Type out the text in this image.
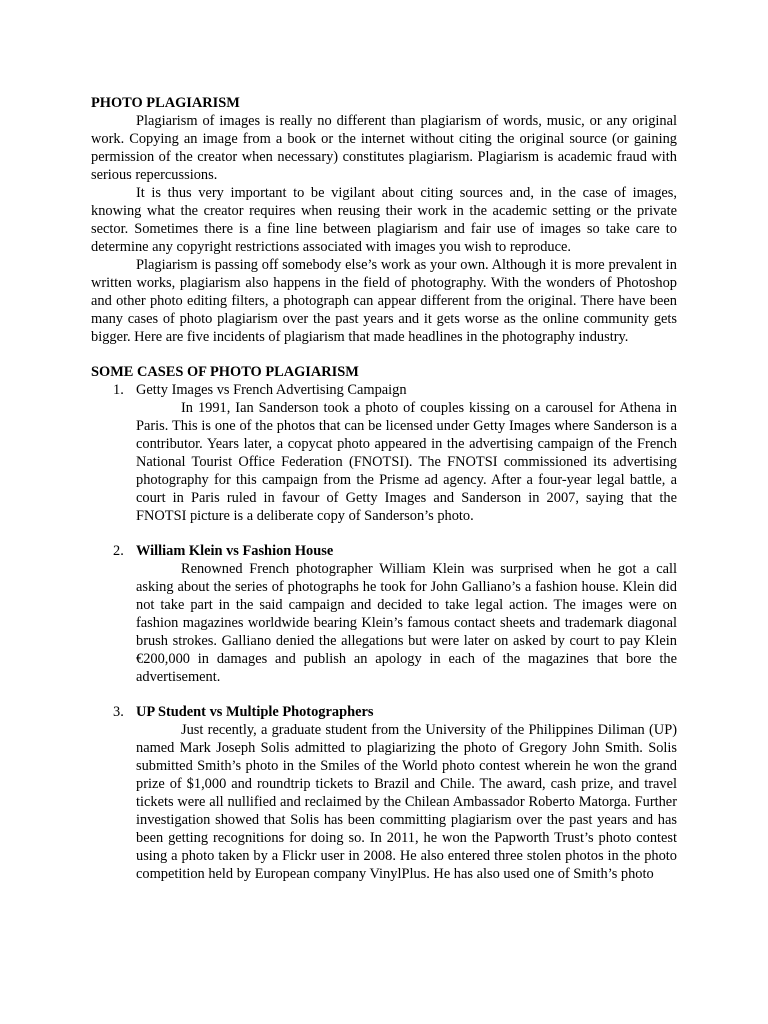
PHOTO PLAGIARISM

Plagiarism of images is really no different than plagiarism of words, music, or any original work. Copying an image from a book or the internet without citing the original source (or gaining permission of the creator when necessary) constitutes plagiarism. Plagiarism is academic fraud with serious repercussions.

It is thus very important to be vigilant about citing sources and, in the case of images, knowing what the creator requires when reusing their work in the academic setting or the private sector. Sometimes there is a fine line between plagiarism and fair use of images so take care to determine any copyright restrictions associated with images you wish to reproduce.

Plagiarism is passing off somebody else’s work as your own. Although it is more prevalent in written works, plagiarism also happens in the field of photography. With the wonders of Photoshop and other photo editing filters, a photograph can appear different from the original. There have been many cases of photo plagiarism over the past years and it gets worse as the online community gets bigger. Here are five incidents of plagiarism that made headlines in the photography industry.

SOME CASES OF PHOTO PLAGIARISM
1. Getty Images vs French Advertising Campaign

In 1991, Ian Sanderson took a photo of couples kissing on a carousel for Athena in Paris. This is one of the photos that can be licensed under Getty Images where Sanderson is a contributor. Years later, a copycat photo appeared in the advertising campaign of the French National Tourist Office Federation (FNOTSI). The FNOTSI commissioned its advertising photography for this campaign from the Prisme ad agency. After a four-year legal battle, a court in Paris ruled in favour of Getty Images and Sanderson in 2007, saying that the FNOTSI picture is a deliberate copy of Sanderson’s photo.

2. William Klein vs Fashion House

Renowned French photographer William Klein was surprised when he got a call asking about the series of photographs he took for John Galliano’s a fashion house. Klein did not take part in the said campaign and decided to take legal action. The images were on fashion magazines worldwide bearing Klein’s famous contact sheets and trademark diagonal brush strokes. Galliano denied the allegations but were later on asked by court to pay Klein €200,000 in damages and publish an apology in each of the magazines that bore the advertisement.

3. UP Student vs Multiple Photographers

Just recently, a graduate student from the University of the Philippines Diliman (UP) named Mark Joseph Solis admitted to plagiarizing the photo of Gregory John Smith. Solis submitted Smith’s photo in the Smiles of the World photo contest wherein he won the grand prize of $1,000 and roundtrip tickets to Brazil and Chile. The award, cash prize, and travel tickets were all nullified and reclaimed by the Chilean Ambassador Roberto Matorga. Further investigation showed that Solis has been committing plagiarism over the past years and has been getting recognitions for doing so. In 2011, he won the Papworth Trust’s photo contest using a photo taken by a Flickr user in 2008. He also entered three stolen photos in the photo competition held by European company VinylPlus. He has also used one of Smith’s photo
